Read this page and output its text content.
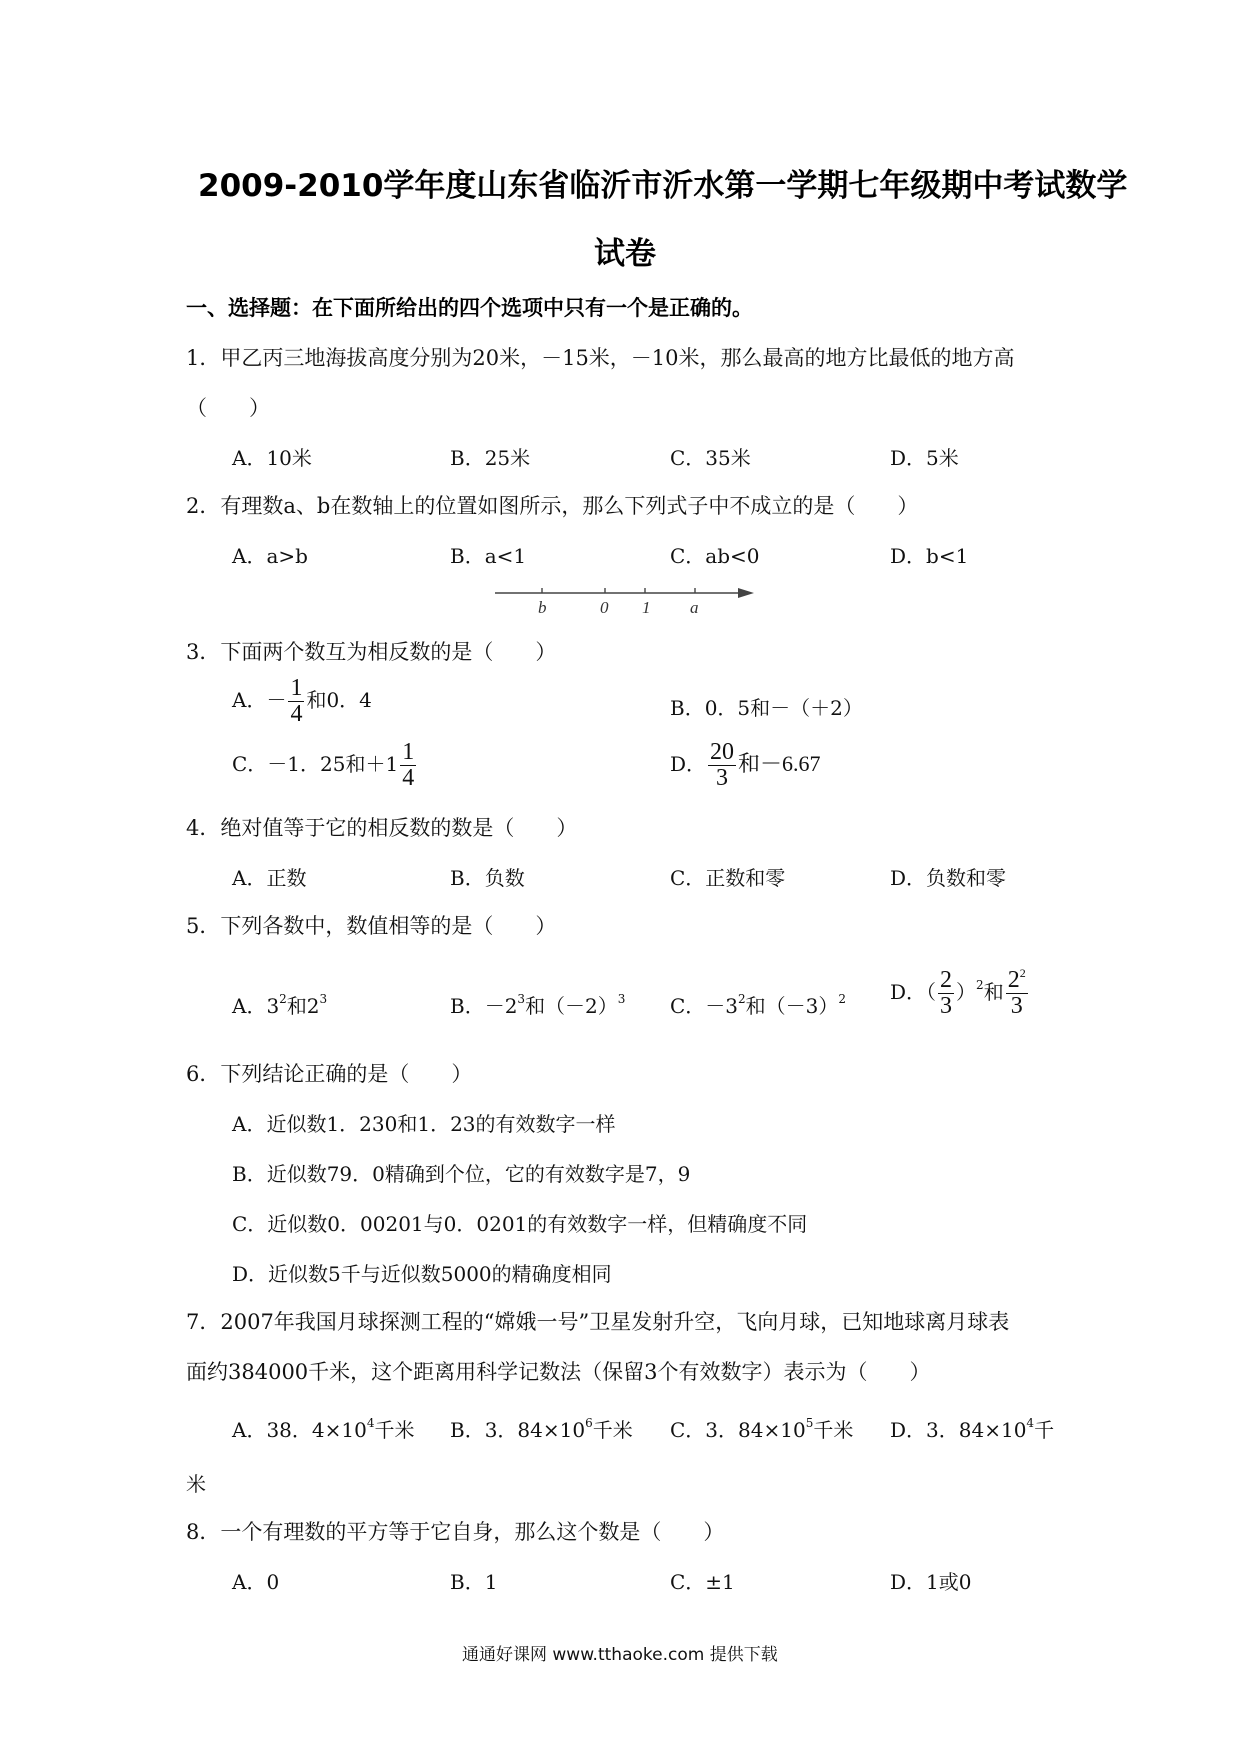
2009-2010学年度山东省临沂市沂水第一学期七年级期中考试数学
试卷
一、选择题：在下面所给出的四个选项中只有一个是正确的。
1．甲乙丙三地海拔高度分别为20米，－15米，－10米，那么最高的地方比最低的地方高
（　　）
A．10米	B．25米	C．35米	D．5米
2．有理数a、b在数轴上的位置如图所示，那么下列式子中不成立的是（　　）
A．a>b	B．a<1	C．ab<0	D．b<1
b	0 1 a
3．下面两个数互为相反数的是（　　）
A．－ $\frac{1}{4}$ 和0．4	B．0．5和－（＋2）
C．－1．25和$+1 \frac{1}{4}$	D． $\frac{20}{3}$ 和－6.67
4．绝对值等于它的相反数的数是（　　）
A．正数	B．负数	C．正数和零	D．负数和零
5．下列各数中，数值相等的是（　　）
A．$3^2$和$2^3$	B．$-2^3$和$(-2)^3$ C．$-3^2$和$(-3)^2$ D．（ $\frac{2}{3} )^2$和 $\frac{2^2}{3}$
6．下列结论正确的是（　　）
A．近似数1．230和1．23的有效数字一样
B．近似数79．0精确到个位，它的有效数字是7，9
C．近似数0．00201与0．0201的有效数字一样，但精确度不同
D．近似数5千与近似数5000的精确度相同
7．2007年我国月球探测工程的“嫦娥一号”卫星发射升空，飞向月球，已知地球离月球表
面约384000千米，这个距离用科学记数法（保留3个有效数字）表示为（　　）
A．38．$4\times 10^4$千米 B．3．$84\times 10^6$千米 C．3．$84\times 10^5$千米 D．3．$84\times 10^4$千
米
8．一个有理数的平方等于它自身，那么这个数是（　　）
A．0	B．1	C．±1	D．1或0
通通好课网 www.tthaoke.com 提供下载
